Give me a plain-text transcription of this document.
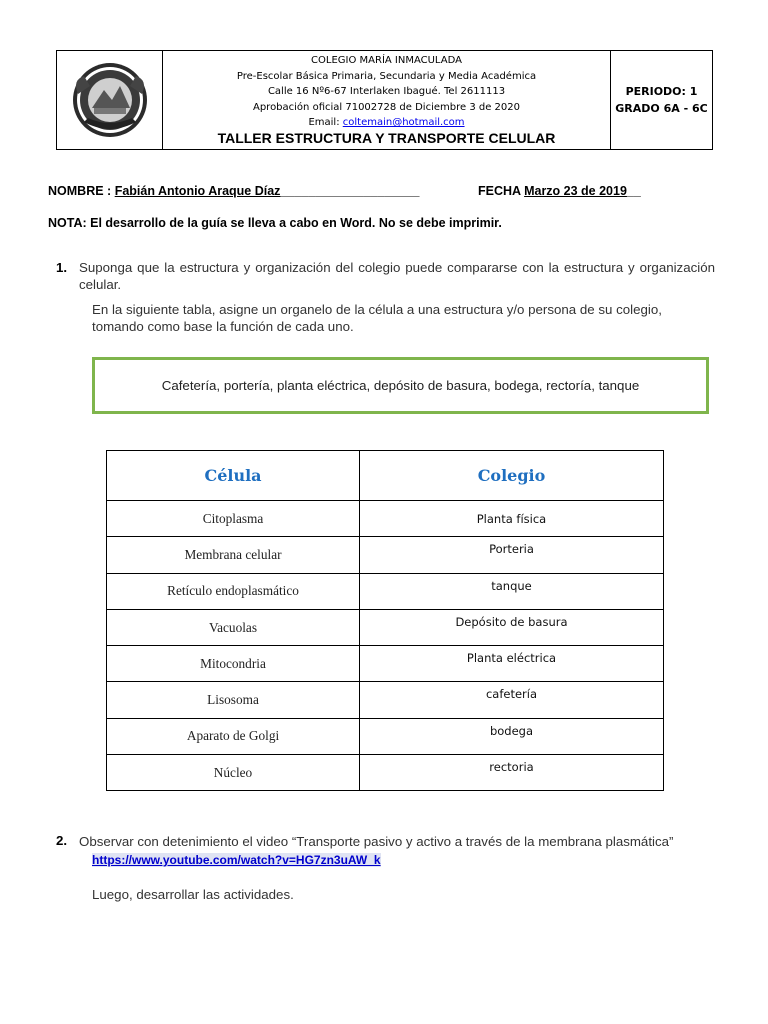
COLEGIO MARÍA INMACULADA
Pre-Escolar Básica Primaria, Secundaria y Media Académica
Calle 16 Nº6-67 Interlaken Ibagué. Tel 2611113
Aprobación oficial 71002728 de Diciembre 3 de 2020
Email: coltemain@hotmail.com
TALLER ESTRUCTURA Y TRANSPORTE CELULAR
PERIODO: 1
GRADO 6A - 6C
NOMBRE : Fabián Antonio Araque Díaz____________________	FECHA Marzo 23 de 2019__
NOTA: El desarrollo de la guía se lleva a cabo en Word. No se debe imprimir.
1. Suponga que la estructura y organización del colegio puede compararse con la estructura y organización celular.
En la siguiente tabla, asigne un organelo de la célula a una estructura y/o persona de su colegio, tomando como base la función de cada uno.
Cafetería, portería, planta eléctrica, depósito de basura, bodega, rectoría, tanque
Célula	Colegio
Citoplasma	Planta física
Membrana celular	Porteria
Retículo endoplasmático	tanque
Vacuolas	Depósito de basura
Mitocondria	Planta eléctrica
Lisosoma	cafetería
Aparato de Golgi	bodega
Núcleo	rectoria
2. Observar con detenimiento el video “Transporte pasivo y activo a través de la membrana plasmática”
https://www.youtube.com/watch?v=HG7zn3uAW_k
Luego, desarrollar las actividades.
